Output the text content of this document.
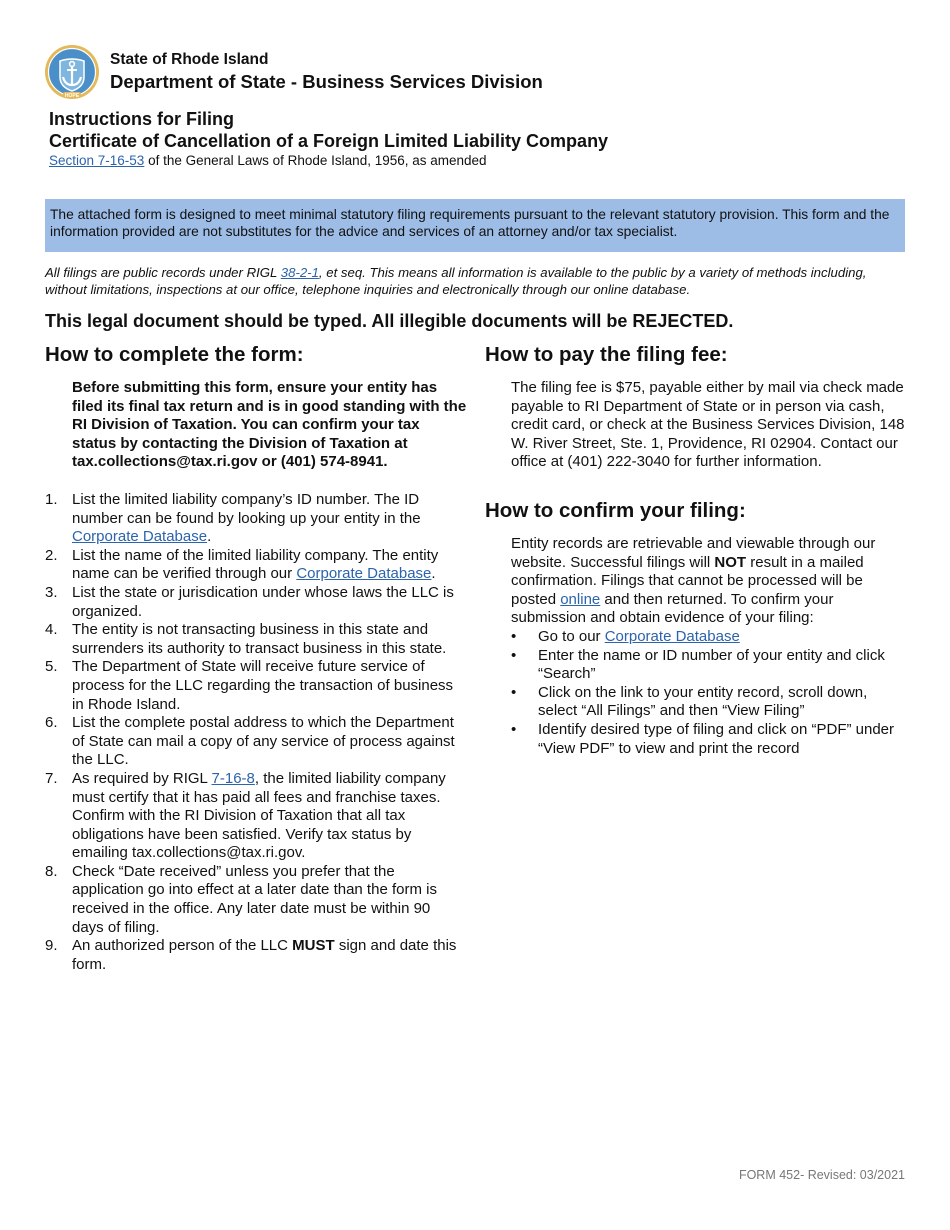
HOPE
State of Rhode Island
Department of State - Business Services Division
Instructions for Filing
Certificate of Cancellation of a Foreign Limited Liability Company
Section 7-16-53 of the General Laws of Rhode Island, 1956, as amended
The attached form is designed to meet minimal statutory filing requirements pursuant to the relevant statutory provision. This form and the information provided are not substitutes for the advice and services of an attorney and/or tax specialist.
All filings are public records under RIGL 38-2-1, et seq. This means all information is available to the public by a variety of methods including, without limitations, inspections at our office, telephone inquiries and electronically through our online database.
This legal document should be typed. All illegible documents will be REJECTED.
How to complete the form:
Before submitting this form, ensure your entity has filed its final tax return and is in good standing with the RI Division of Taxation. You can confirm your tax status by contacting the Division of Taxation at tax.collections@tax.ri.gov or (401) 574-8941.
1. List the limited liability company’s ID number. The ID number can be found by looking up your entity in the Corporate Database.
2. List the name of the limited liability company. The entity name can be verified through our Corporate Database.
3. List the state or jurisdication under whose laws the LLC is organized.
4. The entity is not transacting business in this state and surrenders its authority to transact business in this state.
5. The Department of State will receive future service of process for the LLC regarding the transaction of business in Rhode Island.
6. List the complete postal address to which the Department of State can mail a copy of any service of process against the LLC.
7. As required by RIGL 7-16-8, the limited liability company must certify that it has paid all fees and franchise taxes. Confirm with the RI Division of Taxation that all tax obligations have been satisfied. Verify tax status by emailing tax.collections@tax.ri.gov.
8. Check “Date received” unless you prefer that the application go into effect at a later date than the form is received in the office. Any later date must be within 90 days of filing.
9. An authorized person of the LLC MUST sign and date this form.
How to pay the filing fee:
The filing fee is $75, payable either by mail via check made payable to RI Department of State or in person via cash, credit card, or check at the Business Services Division, 148 W. River Street, Ste. 1, Providence, RI 02904. Contact our office at (401) 222-3040 for further information.
How to confirm your filing:
Entity records are retrievable and viewable through our website. Successful filings will NOT result in a mailed confirmation. Filings that cannot be processed will be posted online and then returned. To confirm your submission and obtain evidence of your filing:
• Go to our Corporate Database
• Enter the name or ID number of your entity and click “Search”
• Click on the link to your entity record, scroll down, select “All Filings” and then “View Filing”
• Identify desired type of filing and click on “PDF” under “View PDF” to view and print the record
FORM 452- Revised: 03/2021
